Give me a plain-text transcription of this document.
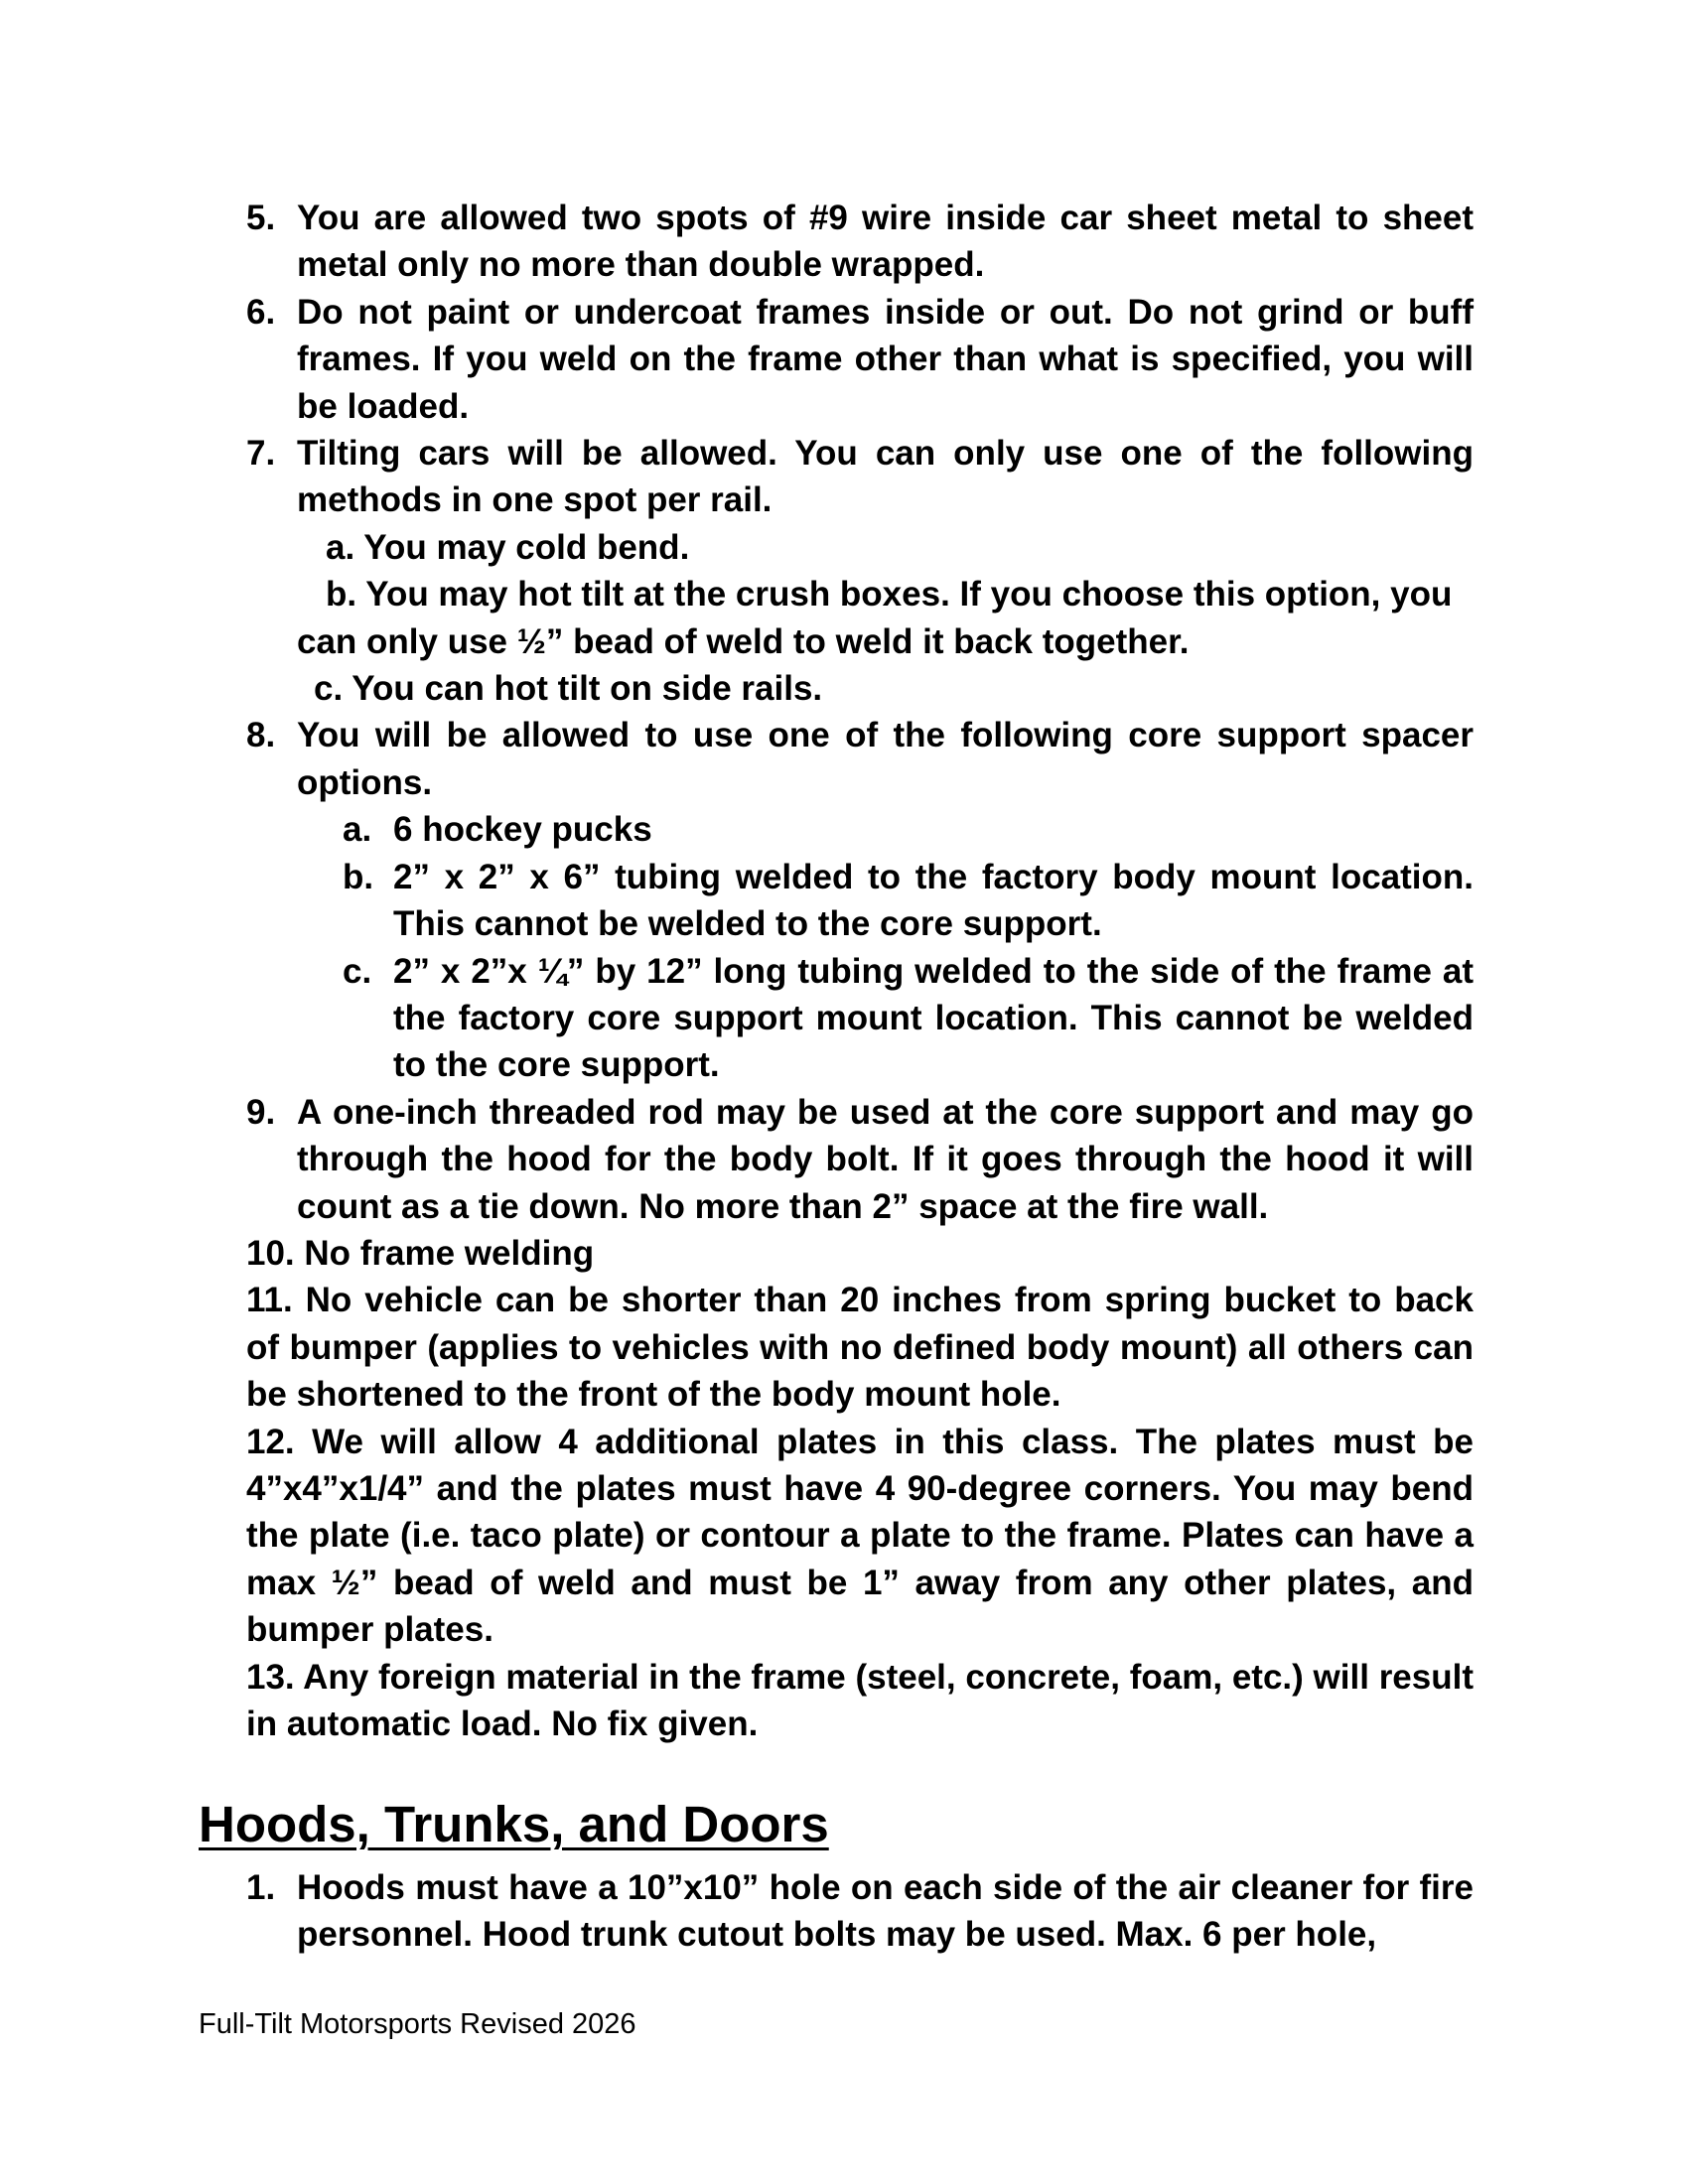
5. You are allowed two spots of #9 wire inside car sheet metal to sheet metal only no more than double wrapped.
6. Do not paint or undercoat frames inside or out. Do not grind or buff frames. If you weld on the frame other than what is specified, you will be loaded.
7. Tilting cars will be allowed. You can only use one of the following methods in one spot per rail.
a. You may cold bend.
b. You may hot tilt at the crush boxes. If you choose this option, you
can only use ½” bead of weld to weld it back together.
c. You can hot tilt on side rails.
8. You will be allowed to use one of the following core support spacer options.
a. 6 hockey pucks
b. 2” x 2” x 6” tubing welded to the factory body mount location. This cannot be welded to the core support.
c. 2” x 2”x ¼” by 12” long tubing welded to the side of the frame at the factory core support mount location. This cannot be welded to the core support.
9. A one-inch threaded rod may be used at the core support and may go through the hood for the body bolt. If it goes through the hood it will count as a tie down. No more than 2” space at the fire wall.
10. No frame welding
11. No vehicle can be shorter than 20 inches from spring bucket to back of bumper (applies to vehicles with no defined body mount) all others can be shortened to the front of the body mount hole.
12. We will allow 4 additional plates in this class. The plates must be 4”x4”x1/4” and the plates must have 4 90-degree corners. You may bend the plate (i.e. taco plate) or contour a plate to the frame. Plates can have a max ½” bead of weld and must be 1” away from any other plates, and bumper plates.
13. Any foreign material in the frame (steel, concrete, foam, etc.) will result in automatic load. No fix given.
Hoods, Trunks, and Doors
1. Hoods must have a 10”x10” hole on each side of the air cleaner for fire personnel. Hood trunk cutout bolts may be used. Max. 6 per hole,
Full-Tilt Motorsports Revised 2026
